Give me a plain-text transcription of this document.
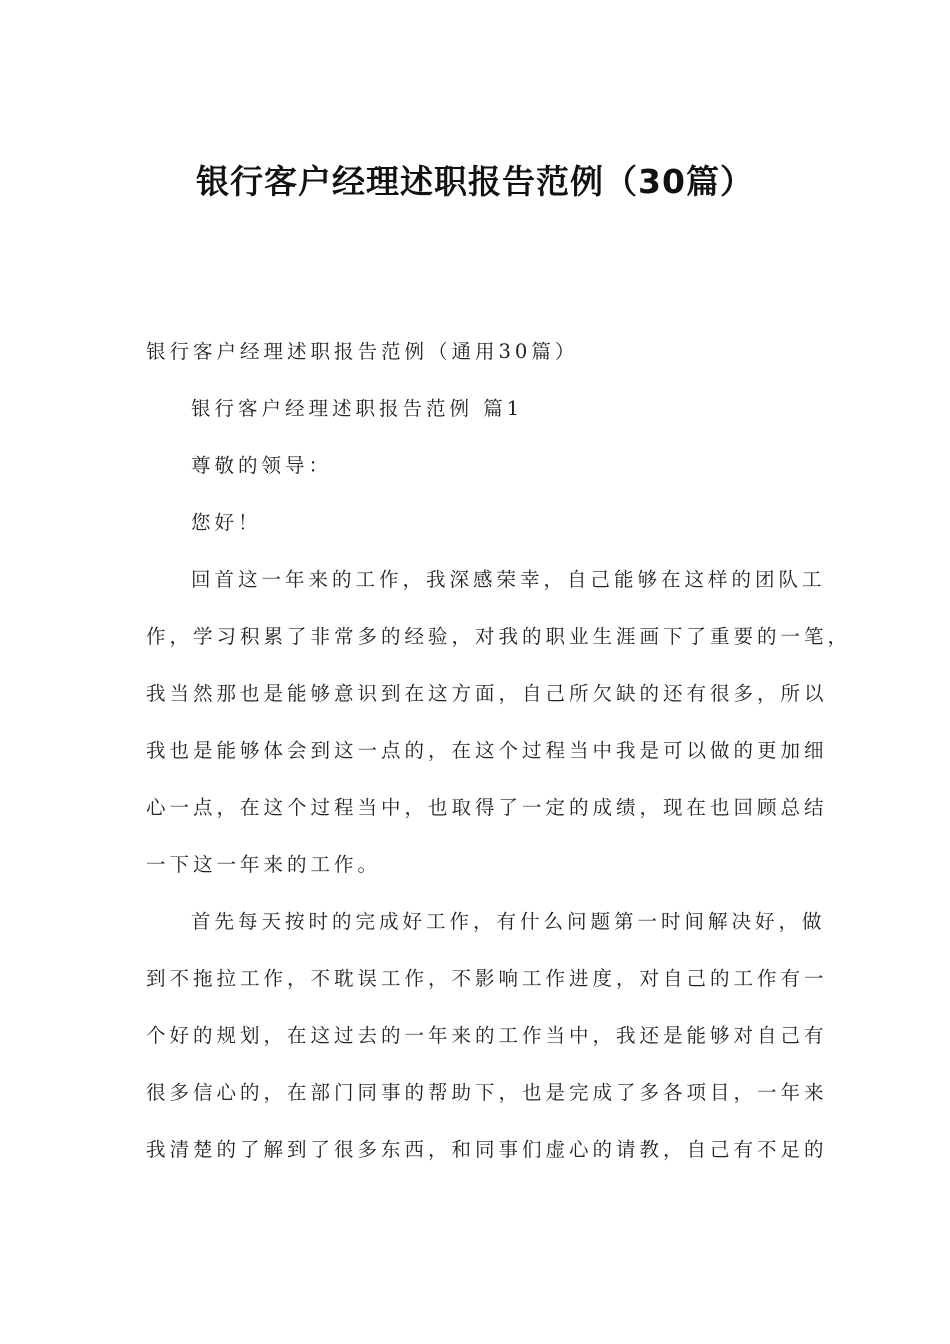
银行客户经理述职报告范例（30篇）
银行客户经理述职报告范例（通用30篇）
银行客户经理述职报告范例 篇1
尊敬的领导：
您好！
回首这一年来的工作，我深感荣幸，自己能够在这样的团队工
作，学习积累了非常多的经验，对我的职业生涯画下了重要的一笔，
我当然那也是能够意识到在这方面，自己所欠缺的还有很多，所以
我也是能够体会到这一点的，在这个过程当中我是可以做的更加细
心一点，在这个过程当中，也取得了一定的成绩，现在也回顾总结
一下这一年来的工作。
首先每天按时的完成好工作，有什么问题第一时间解决好，做
到不拖拉工作，不耽误工作，不影响工作进度，对自己的工作有一
个好的规划，在这过去的一年来的工作当中，我还是能够对自己有
很多信心的，在部门同事的帮助下，也是完成了多各项目，一年来
我清楚的了解到了很多东西，和同事们虚心的请教，自己有不足的
